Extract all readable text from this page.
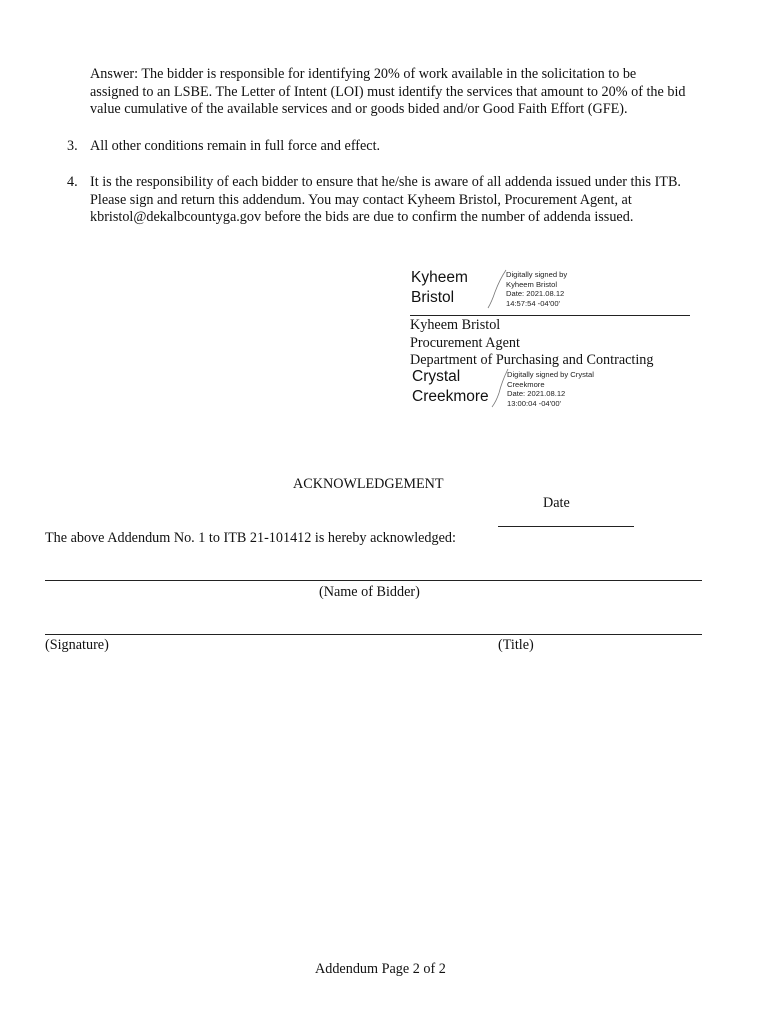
Answer: The bidder is responsible for identifying 20% of work available in the solicitation to be
assigned to an LSBE. The Letter of Intent (LOI) must identify the services that amount to 20% of the bid
value cumulative of the available services and or goods bided and/or Good Faith Effort (GFE).
3. All other conditions remain in full force and effect.
4. It is the responsibility of each bidder to ensure that he/she is aware of all addenda issued under this ITB.
Please sign and return this addendum. You may contact Kyheem Bristol, Procurement Agent, at
kbristol@dekalbcountyga.gov before the bids are due to confirm the number of addenda issued.
Kyheem
Bristol
Digitally signed by
Kyheem Bristol
Date: 2021.08.12
14:57:54 -04'00'
Kyheem Bristol
Procurement Agent
Department of Purchasing and Contracting
Crystal
Creekmore
Digitally signed by Crystal
Creekmore
Date: 2021.08.12
13:00:04 -04'00'
ACKNOWLEDGEMENT
Date
The above Addendum No. 1 to ITB 21-101412 is hereby acknowledged:
(Name of Bidder)
(Signature)	(Title)
Addendum Page 2 of 2
